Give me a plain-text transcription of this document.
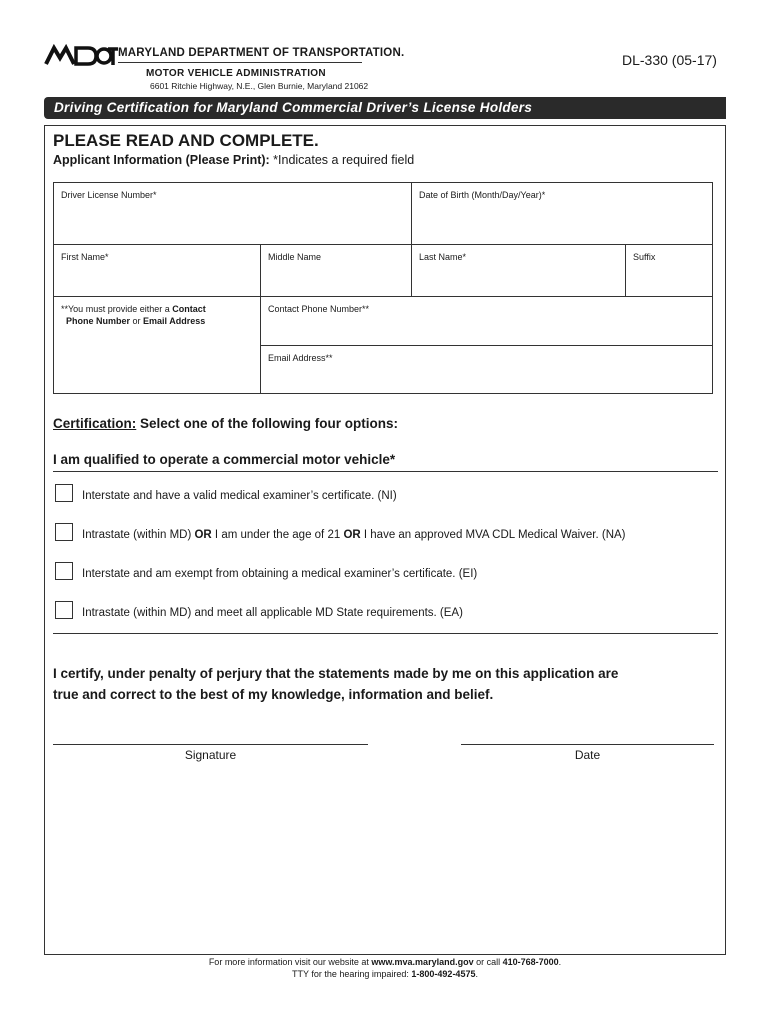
MARYLAND DEPARTMENT OF TRANSPORTATION.
MOTOR VEHICLE ADMINISTRATION
6601 Ritchie Highway, N.E., Glen Burnie, Maryland 21062
DL-330 (05-17)
Driving Certification for Maryland Commercial Driver’s License Holders
PLEASE READ AND COMPLETE.
Applicant Information (Please Print): *Indicates a required field
Driver License Number*	Date of Birth (Month/Day/Year)*
First Name*	Middle Name	Last Name*	Suffix
**You must provide either a Contact
Phone Number or Email Address
Contact Phone Number**
Email Address**
Certification: Select one of the following four options:
I am qualified to operate a commercial motor vehicle*
Interstate and have a valid medical examiner’s certificate. (NI)
Intrastate (within MD) OR I am under the age of 21 OR I have an approved MVA CDL Medical Waiver. (NA)
Interstate and am exempt from obtaining a medical examiner’s certificate. (EI)
Intrastate (within MD) and meet all applicable MD State requirements. (EA)
I certify, under penalty of perjury that the statements made by me on this application are
true and correct to the best of my knowledge, information and belief.
Signature	Date
For more information visit our website at www.mva.maryland.gov or call 410-768-7000.
TTY for the hearing impaired: 1-800-492-4575.
